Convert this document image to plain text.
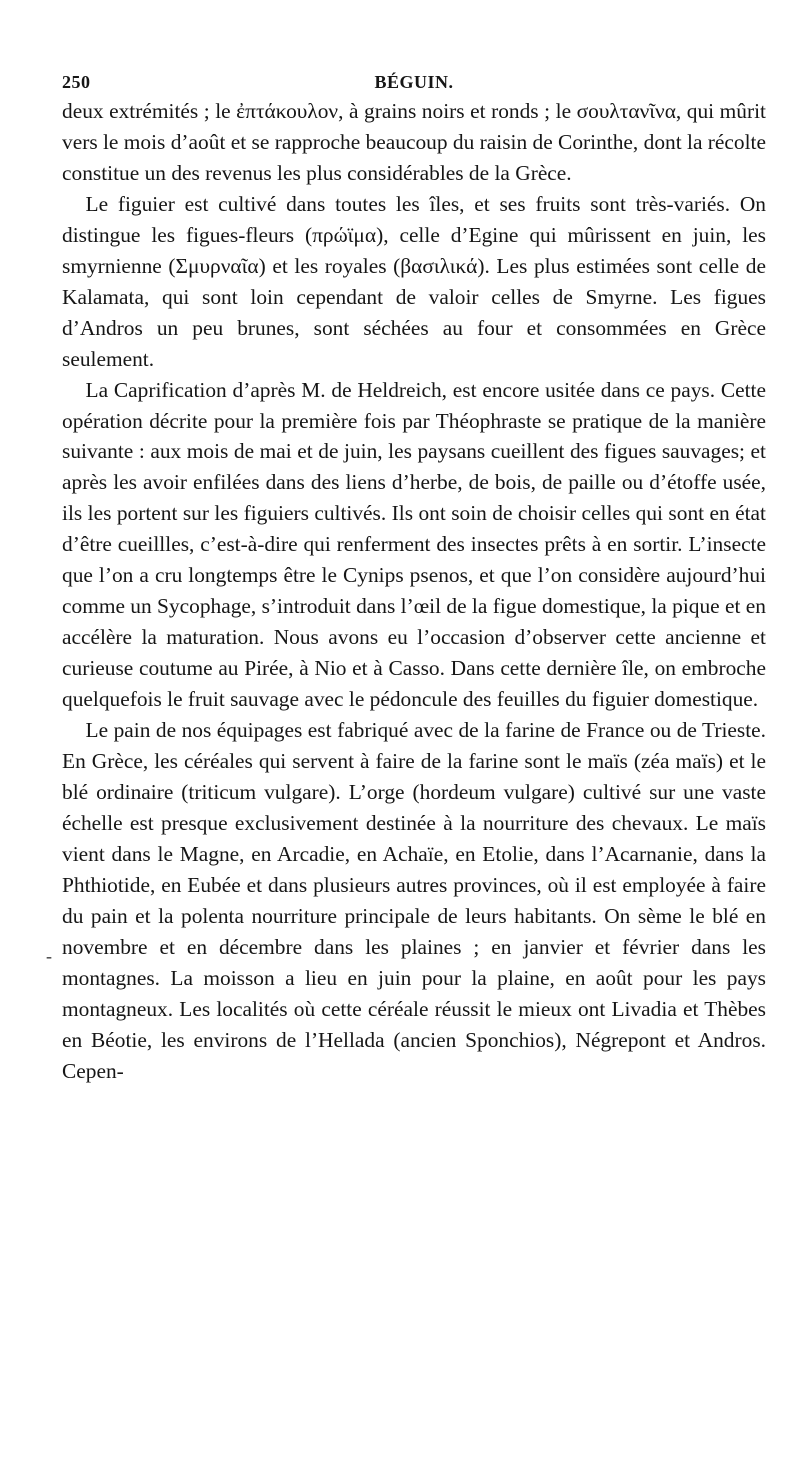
250	BÉGUIN.
-

deux extrémités ; le ἐπτάκουλον, à grains noirs et ronds ; le σουλτανῖνα, qui mûrit vers le mois d’août et se rapproche beaucoup du raisin de Corinthe, dont la récolte constitue un des revenus les plus considérables de la Grèce.

Le figuier est cultivé dans toutes les îles, et ses fruits sont très-variés. On distingue les figues-fleurs (πρώϊμα), celle d’Egine qui mûrissent en juin, les smyrnienne (Σμυρναῖα) et les royales (βασιλικά). Les plus estimées sont celle de Kalamata, qui sont loin cependant de valoir celles de Smyrne. Les figues d’Andros un peu brunes, sont séchées au four et consommées en Grèce seulement.

La Caprification d’après M. de Heldreich, est encore usitée dans ce pays. Cette opération décrite pour la première fois par Théophraste se pratique de la manière suivante : aux mois de mai et de juin, les paysans cueillent des figues sauvages; et après les avoir enfilées dans des liens d’herbe, de bois, de paille ou d’étoffe usée, ils les portent sur les figuiers cultivés. Ils ont soin de choisir celles qui sont en état d’être cueillles, c’est-à-dire qui renferment des insectes prêts à en sortir. L’insecte que l’on a cru longtemps être le Cynips psenos, et que l’on considère aujourd’hui comme un Sycophage, s’introduit dans l’œil de la figue domestique, la pique et en accélère la maturation. Nous avons eu l’occasion d’observer cette ancienne et curieuse coutume au Pirée, à Nio et à Casso. Dans cette dernière île, on embroche quelquefois le fruit sauvage avec le pédoncule des feuilles du figuier domestique.

Le pain de nos équipages est fabriqué avec de la farine de France ou de Trieste. En Grèce, les céréales qui servent à faire de la farine sont le maïs (zéa maïs) et le blé ordinaire (triticum vulgare). L’orge (hordeum vulgare) cultivé sur une vaste échelle est presque exclusivement destinée à la nourriture des chevaux. Le maïs vient dans le Magne, en Arcadie, en Achaïe, en Etolie, dans l’Acarnanie, dans la Phthiotide, en Eubée et dans plusieurs autres provinces, où il est employée à faire du pain et la polenta nourriture principale de leurs habitants. On sème le blé en novembre et en décembre dans les plaines ; en janvier et février dans les montagnes. La moisson a lieu en juin pour la plaine, en août pour les pays montagneux. Les localités où cette céréale réussit le mieux ont Livadia et Thèbes en Béotie, les environs de l’Hellada (ancien Sponchios), Négrepont et Andros. Cepen-
